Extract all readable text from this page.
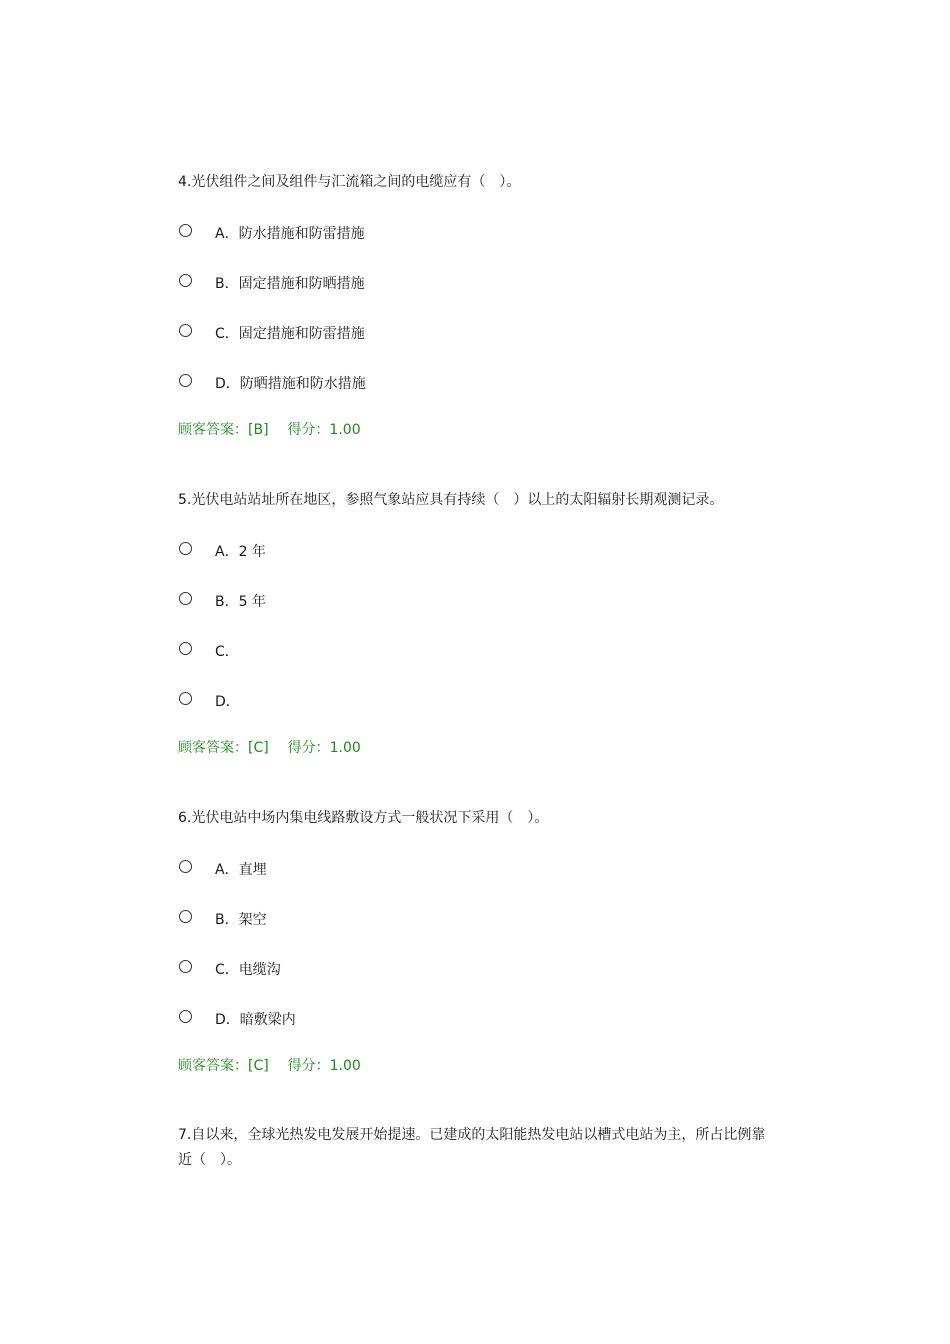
4.光伏组件之间及组件与汇流箱之间的电缆应有（　）。

A．防水措施和防雷措施
B．固定措施和防晒措施
C．固定措施和防雷措施
D．防晒措施和防水措施
顾客答案：[B] 得分：1.00

5.光伏电站站址所在地区，参照气象站应具有持续（　）以上的太阳辐射长期观测记录。

A．2 年
B．5 年
C．
D．
顾客答案：[C] 得分：1.00

6.光伏电站中场内集电线路敷设方式一般状况下采用（　）。

A．直埋
B．架空
C．电缆沟
D．暗敷梁内
顾客答案：[C] 得分：1.00

7.自以来，全球光热发电发展开始提速。已建成的太阳能热发电站以槽式电站为主，所占比例靠近（　）。
